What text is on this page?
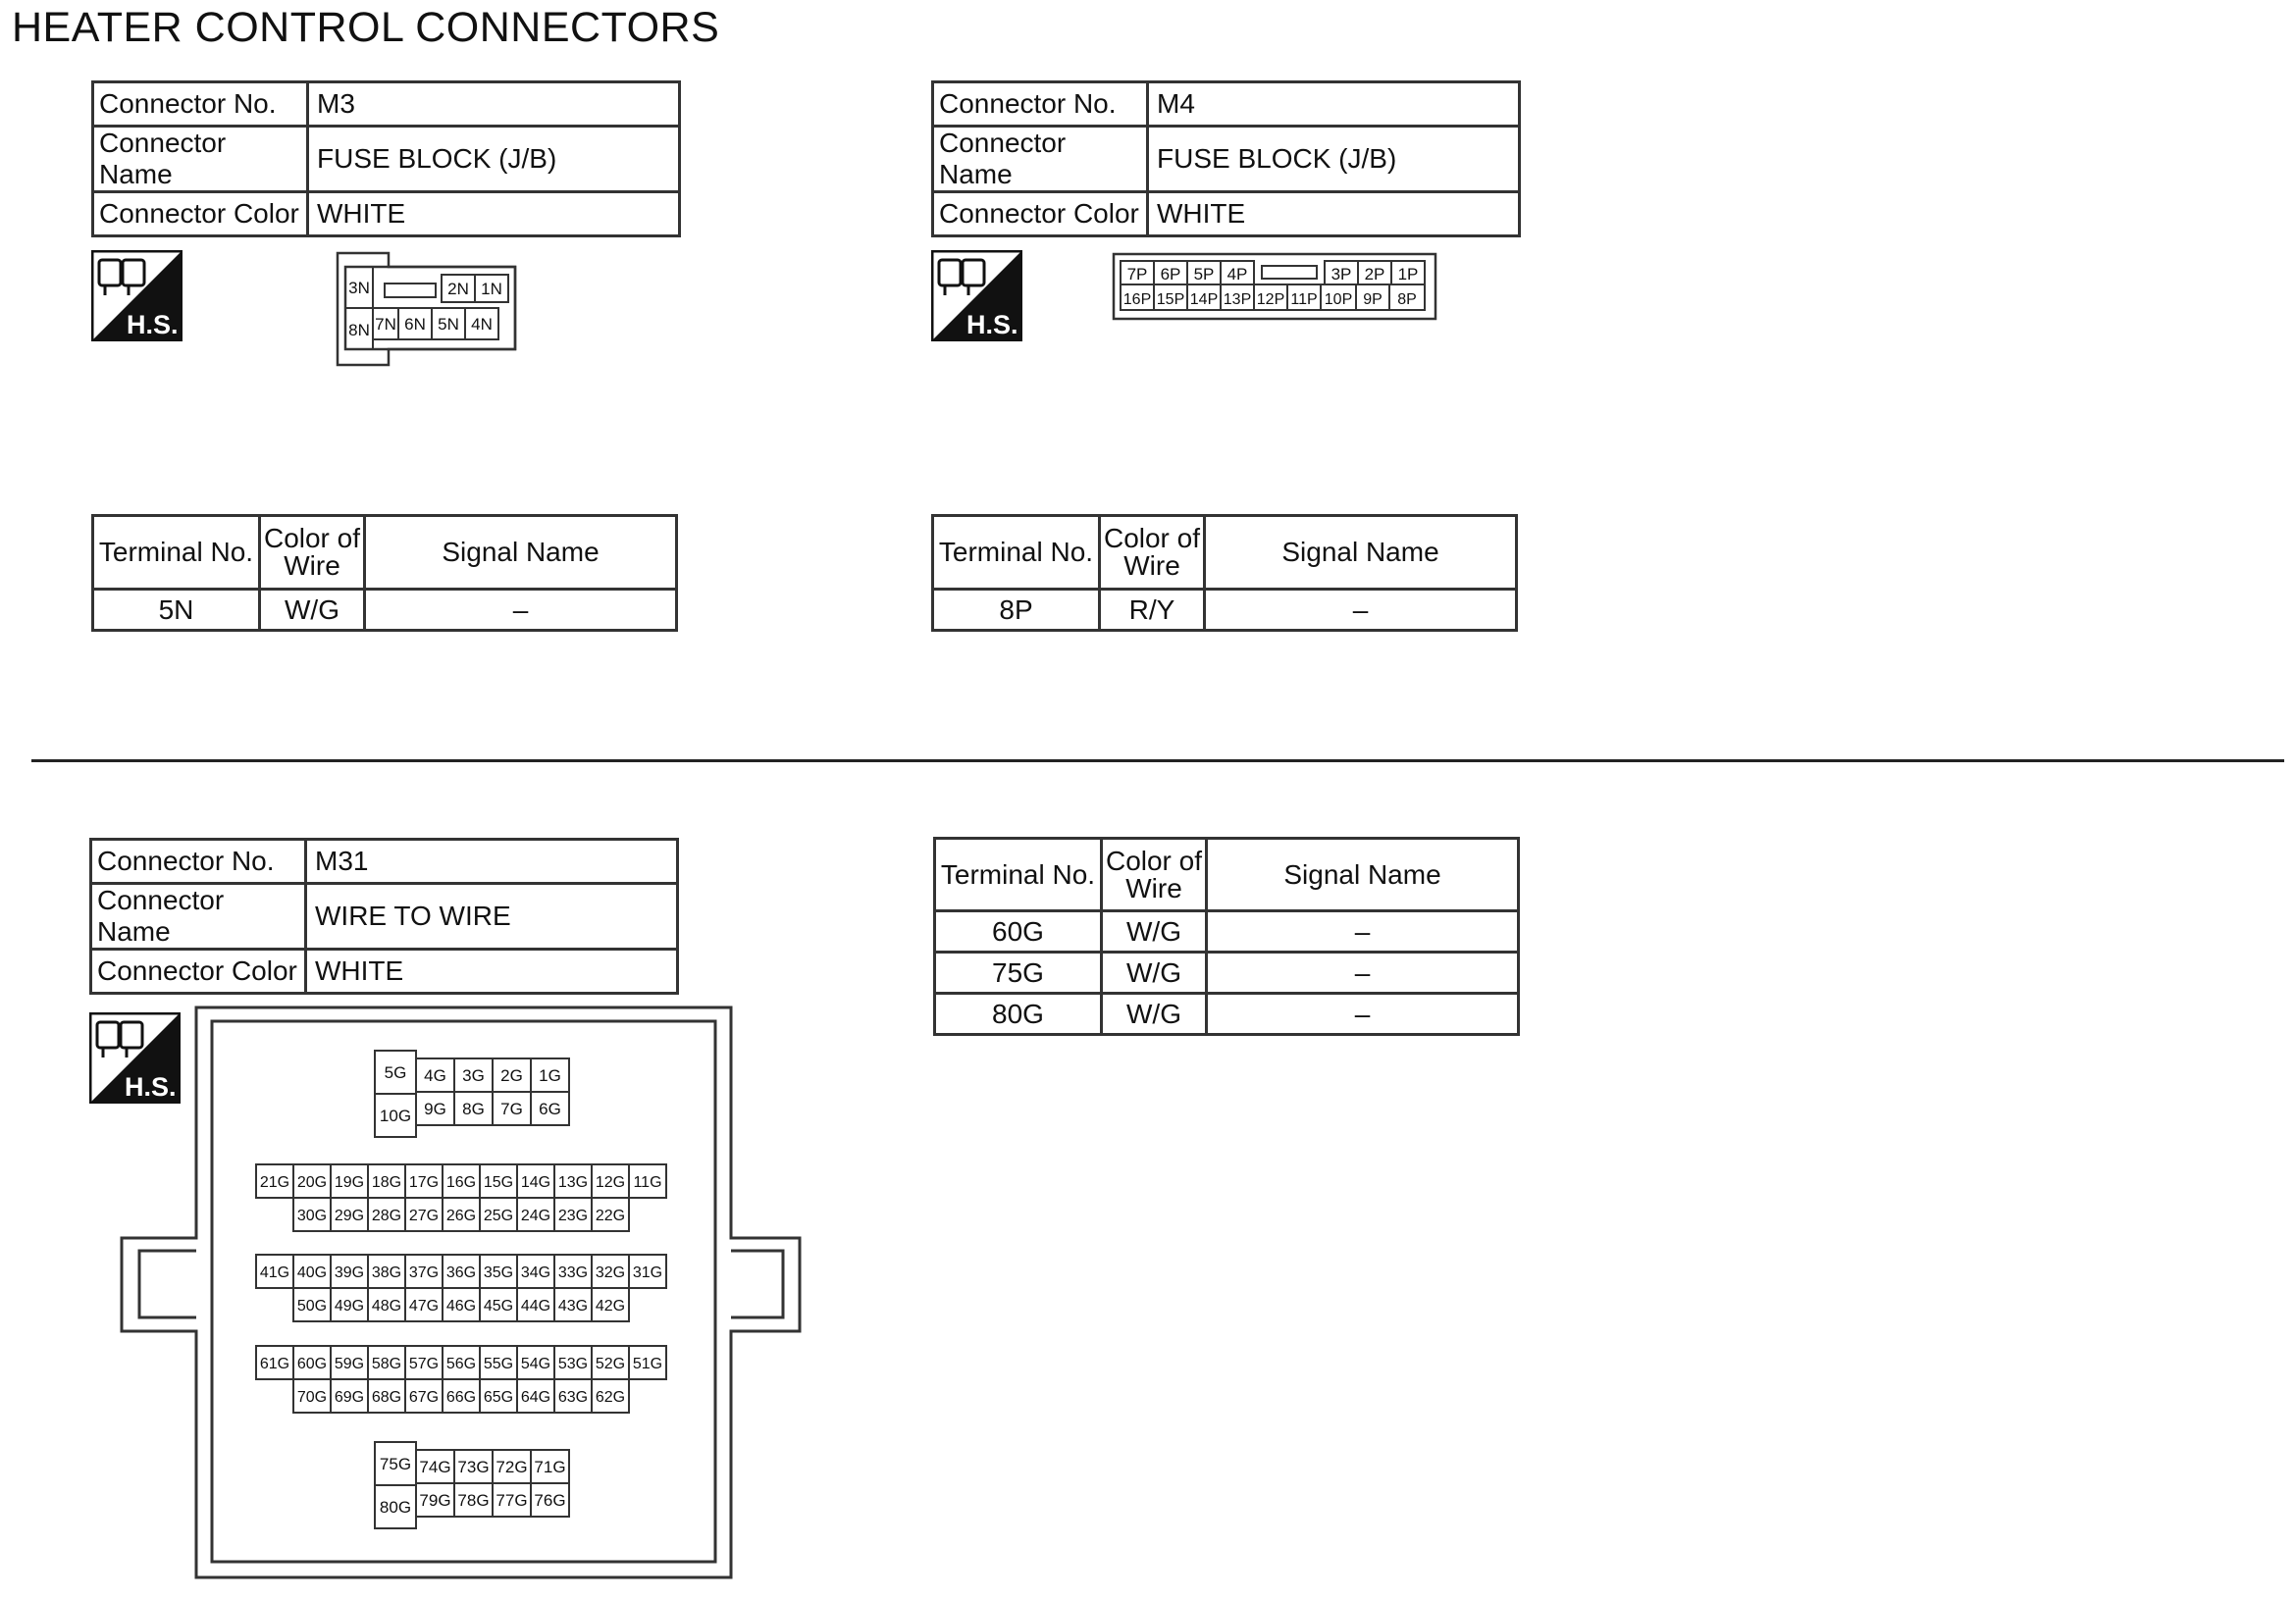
HEATER CONTROL CONNECTORS
Connector No.	M3
Connector Name	FUSE BLOCK (J/B)
Connector Color	WHITE
H.S.
3N
8N
2N 1N
7N 6N 5N 4N
Terminal No.	Color of Wire	Signal Name
5N	W/G	–
Connector No.	M4
Connector Name	FUSE BLOCK (J/B)
Connector Color	WHITE
H.S.
7P 6P 5P 4P	3P 2P 1P
16P 15P 14P 13P 12P 11P 10P 9P 8P
Terminal No.	Color of Wire	Signal Name
8P	R/Y	–
Connector No.	M31
Connector Name	WIRE TO WIRE
Connector Color	WHITE
H.S.	5G
10G
4G 3G 2G 1G
9G 8G 7G 6G
75G
80G
74G 73G 72G 71G
79G 78G 77G 76G
21G 20G 19G 18G 17G 16G 15G 14G 13G 12G 11G
30G 29G 28G 27G 26G 25G 24G 23G 22G
41G 40G 39G 38G 37G 36G 35G 34G 33G 32G 31G
50G 49G 48G 47G 46G 45G 44G 43G 42G
61G 60G 59G 58G 57G 56G 55G 54G 53G 52G 51G
70G 69G 68G 67G 66G 65G 64G 63G 62G
Terminal No.	Color of Wire	Signal Name
60G	W/G	–
75G	W/G	–
80G	W/G	–
